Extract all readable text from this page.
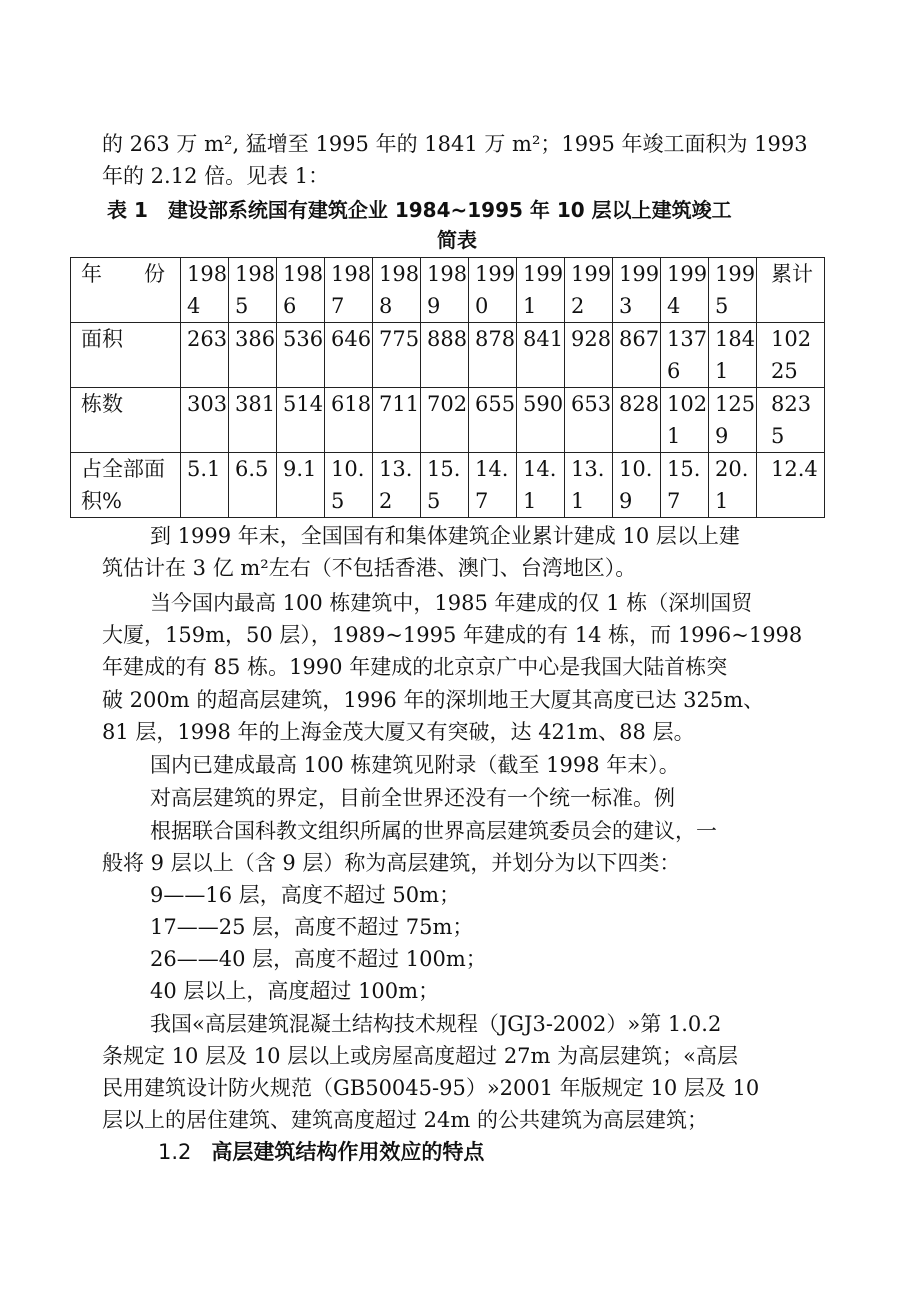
的 263 万 m², 猛增至 1995 年的 1841 万 m²；1995 年竣工面积为 1993
年的 2.12 倍。见表 1：
表 1　建设部系统国有建筑企业 1984~1995 年 10 层以上建筑竣工
简表
年　　份	1984	1985	1986	1987	1988	1989	1990	1991	1992	1993	1994	1995	累计
面积	263	386	536	646	775	888	878	841	928	867	1376	1841	10225
栋数	303	381	514	618	711	702	655	590	653	828	1021	1259	8235
占全部面积%	5.1	6.5	9.1	10.5	13.2	15.5	14.7	14.1	13.1	10.9	15.7	20.1	12.4
到 1999 年末，全国国有和集体建筑企业累计建成 10 层以上建
筑估计在 3 亿 m²左右（不包括香港、澳门、台湾地区）。
当今国内最高 100 栋建筑中，1985 年建成的仅 1 栋（深圳国贸
大厦，159m，50 层），1989~1995 年建成的有 14 栋，而 1996~1998
年建成的有 85 栋。1990 年建成的北京京广中心是我国大陆首栋突
破 200m 的超高层建筑，1996 年的深圳地王大厦其高度已达 325m、
81 层，1998 年的上海金茂大厦又有突破，达 421m、88 层。
国内已建成最高 100 栋建筑见附录（截至 1998 年末）。
对高层建筑的界定，目前全世界还没有一个统一标准。例
根据联合国科教文组织所属的世界高层建筑委员会的建议，一
般将 9 层以上（含 9 层）称为高层建筑，并划分为以下四类：
9——16 层，高度不超过 50m；
17——25 层，高度不超过 75m；
26——40 层，高度不超过 100m；
40 层以上，高度超过 100m；
我国«高层建筑混凝土结构技术规程（JGJ3-2002）»第 1.0.2
条规定 10 层及 10 层以上或房屋高度超过 27m 为高层建筑；«高层
民用建筑设计防火规范（GB50045-95）»2001 年版规定 10 层及 10
层以上的居住建筑、建筑高度超过 24m 的公共建筑为高层建筑；
1.2 高层建筑结构作用效应的特点
